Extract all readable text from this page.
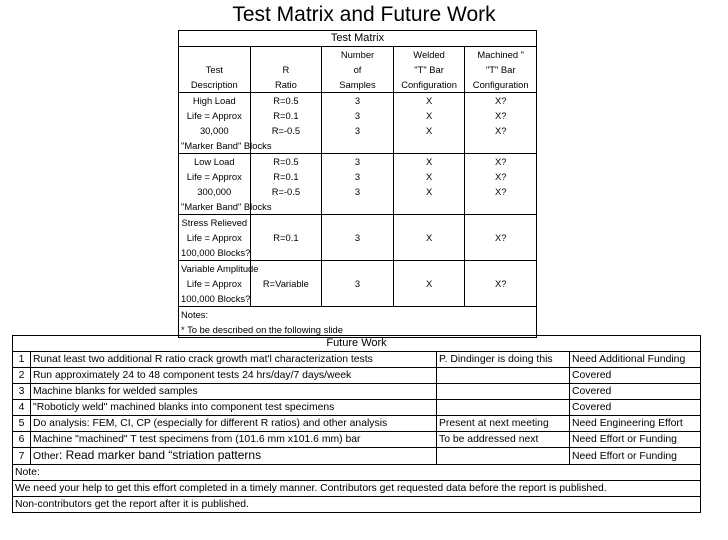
Test Matrix and Future Work
Test Matrix				
		Number	Welded	Machined "
Test	R	of	"T" Bar	"T" Bar
Description	Ratio	Samples	Configuration	Configuration
High Load	R=0.5	3	X	X?
Life = Approx	R=0.1	3	X	X?
30,000	R=-0.5	3	X	X?
"Marker Band" Blocks				
Low Load	R=0.5	3	X	X?
Life = Approx	R=0.1	3	X	X?
300,000	R=-0.5	3	X	X?
"Marker Band" Blocks				
Stress Relieved				
Life = Approx	R=0.1	3	X	X?
100,000 Blocks?				
Variable Amplitude				
Life = Approx	R=Variable	3	X	X?
100,000 Blocks?				
Notes:				
* To be described on the following slide				
Future Work			
1	Runat least two additional R ratio crack growth mat'l characterization tests	P. Dindinger is doing this	Need Additional Funding
2	Run approximately 24 to 48 component tests 24 hrs/day/7 days/week		Covered
3	Machine blanks for welded samples		Covered
4	"Roboticly weld" machined blanks into component test specimens		Covered
5	Do analysis: FEM, CI, CP (especially for different R ratios) and other analysis	Present at next meeting	Need Engineering Effort
6	Machine "machined" T test specimens from (101.6 mm x101.6 mm) bar	To be addressed next	Need Effort or Funding
7	Other: Read marker band “striation patterns		Need Effort or Funding
Note:			
We need your help to get this effort completed in a timely manner. Contributors get requested data before the report is published.			
Non-contributors get the report after it is published.			
